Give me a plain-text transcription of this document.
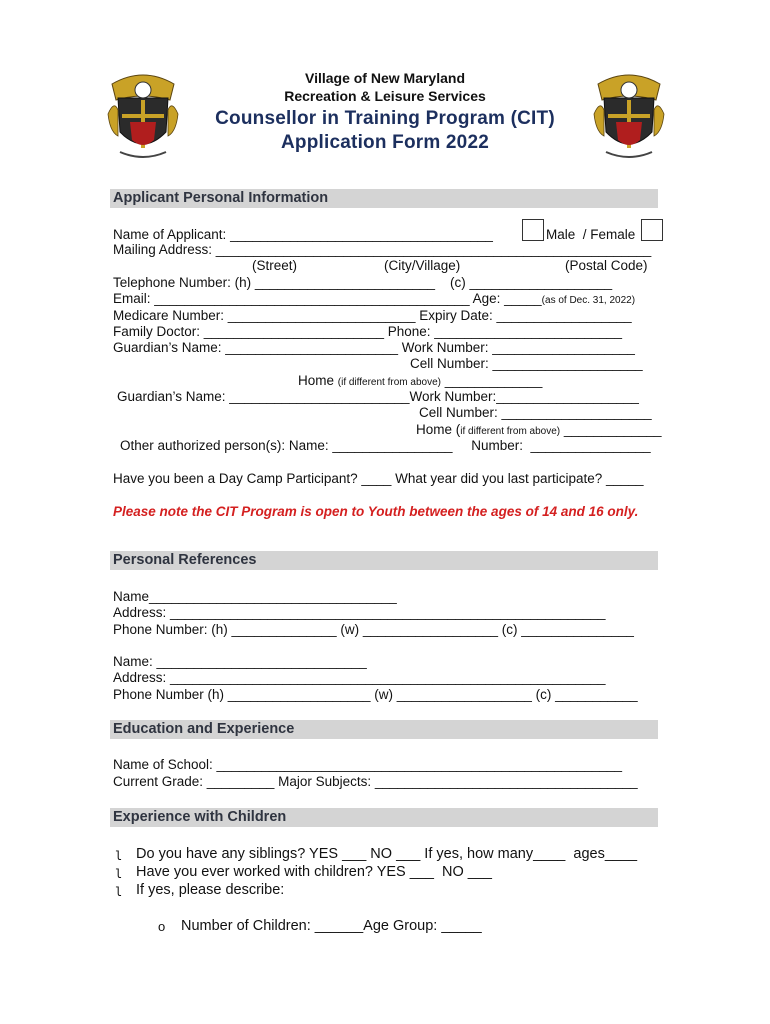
Village of New Maryland
Recreation & Leisure Services
Counsellor in Training Program (CIT)
Application Form 2022
Applicant Personal Information
Name of Applicant: ___________________________________	Male  / Female
Mailing Address: __________________________________________________________
(Street)	(City/Village)	(Postal Code)
Telephone Number: (h) ________________________    (c) ___________________
Email: __________________________________________ Age: _____(as of Dec. 31, 2022)
Medicare Number: _________________________ Expiry Date: __________________
Family Doctor: ________________________ Phone: _________________________
Guardian’s Name: _______________________ Work Number: ___________________
Cell Number: ____________________
Home (if different from above) _____________
Guardian’s Name: ________________________Work Number:___________________
Cell Number: ____________________
Home (if different from above) _____________
Other authorized person(s): Name: ________________     Number:  ________________
Have you been a Day Camp Participant? ____ What year did you last participate? _____
Please note the CIT Program is open to Youth between the ages of 14 and 16 only.
Personal References
Name_________________________________
Address: __________________________________________________________
Phone Number: (h) ______________ (w) __________________ (c) _______________
Name: ____________________________
Address: __________________________________________________________
Phone Number (h) ___________________ (w) __________________ (c) ___________
Education and Experience
Name of School: ______________________________________________________
Current Grade: _________ Major Subjects: ___________________________________
Experience with Children
l Do you have any siblings? YES ___ NO ___ If yes, how many____  ages____
l Have you ever worked with children? YES ___  NO ___
l If yes, please describe:
o Number of Children: ______Age Group: _____
